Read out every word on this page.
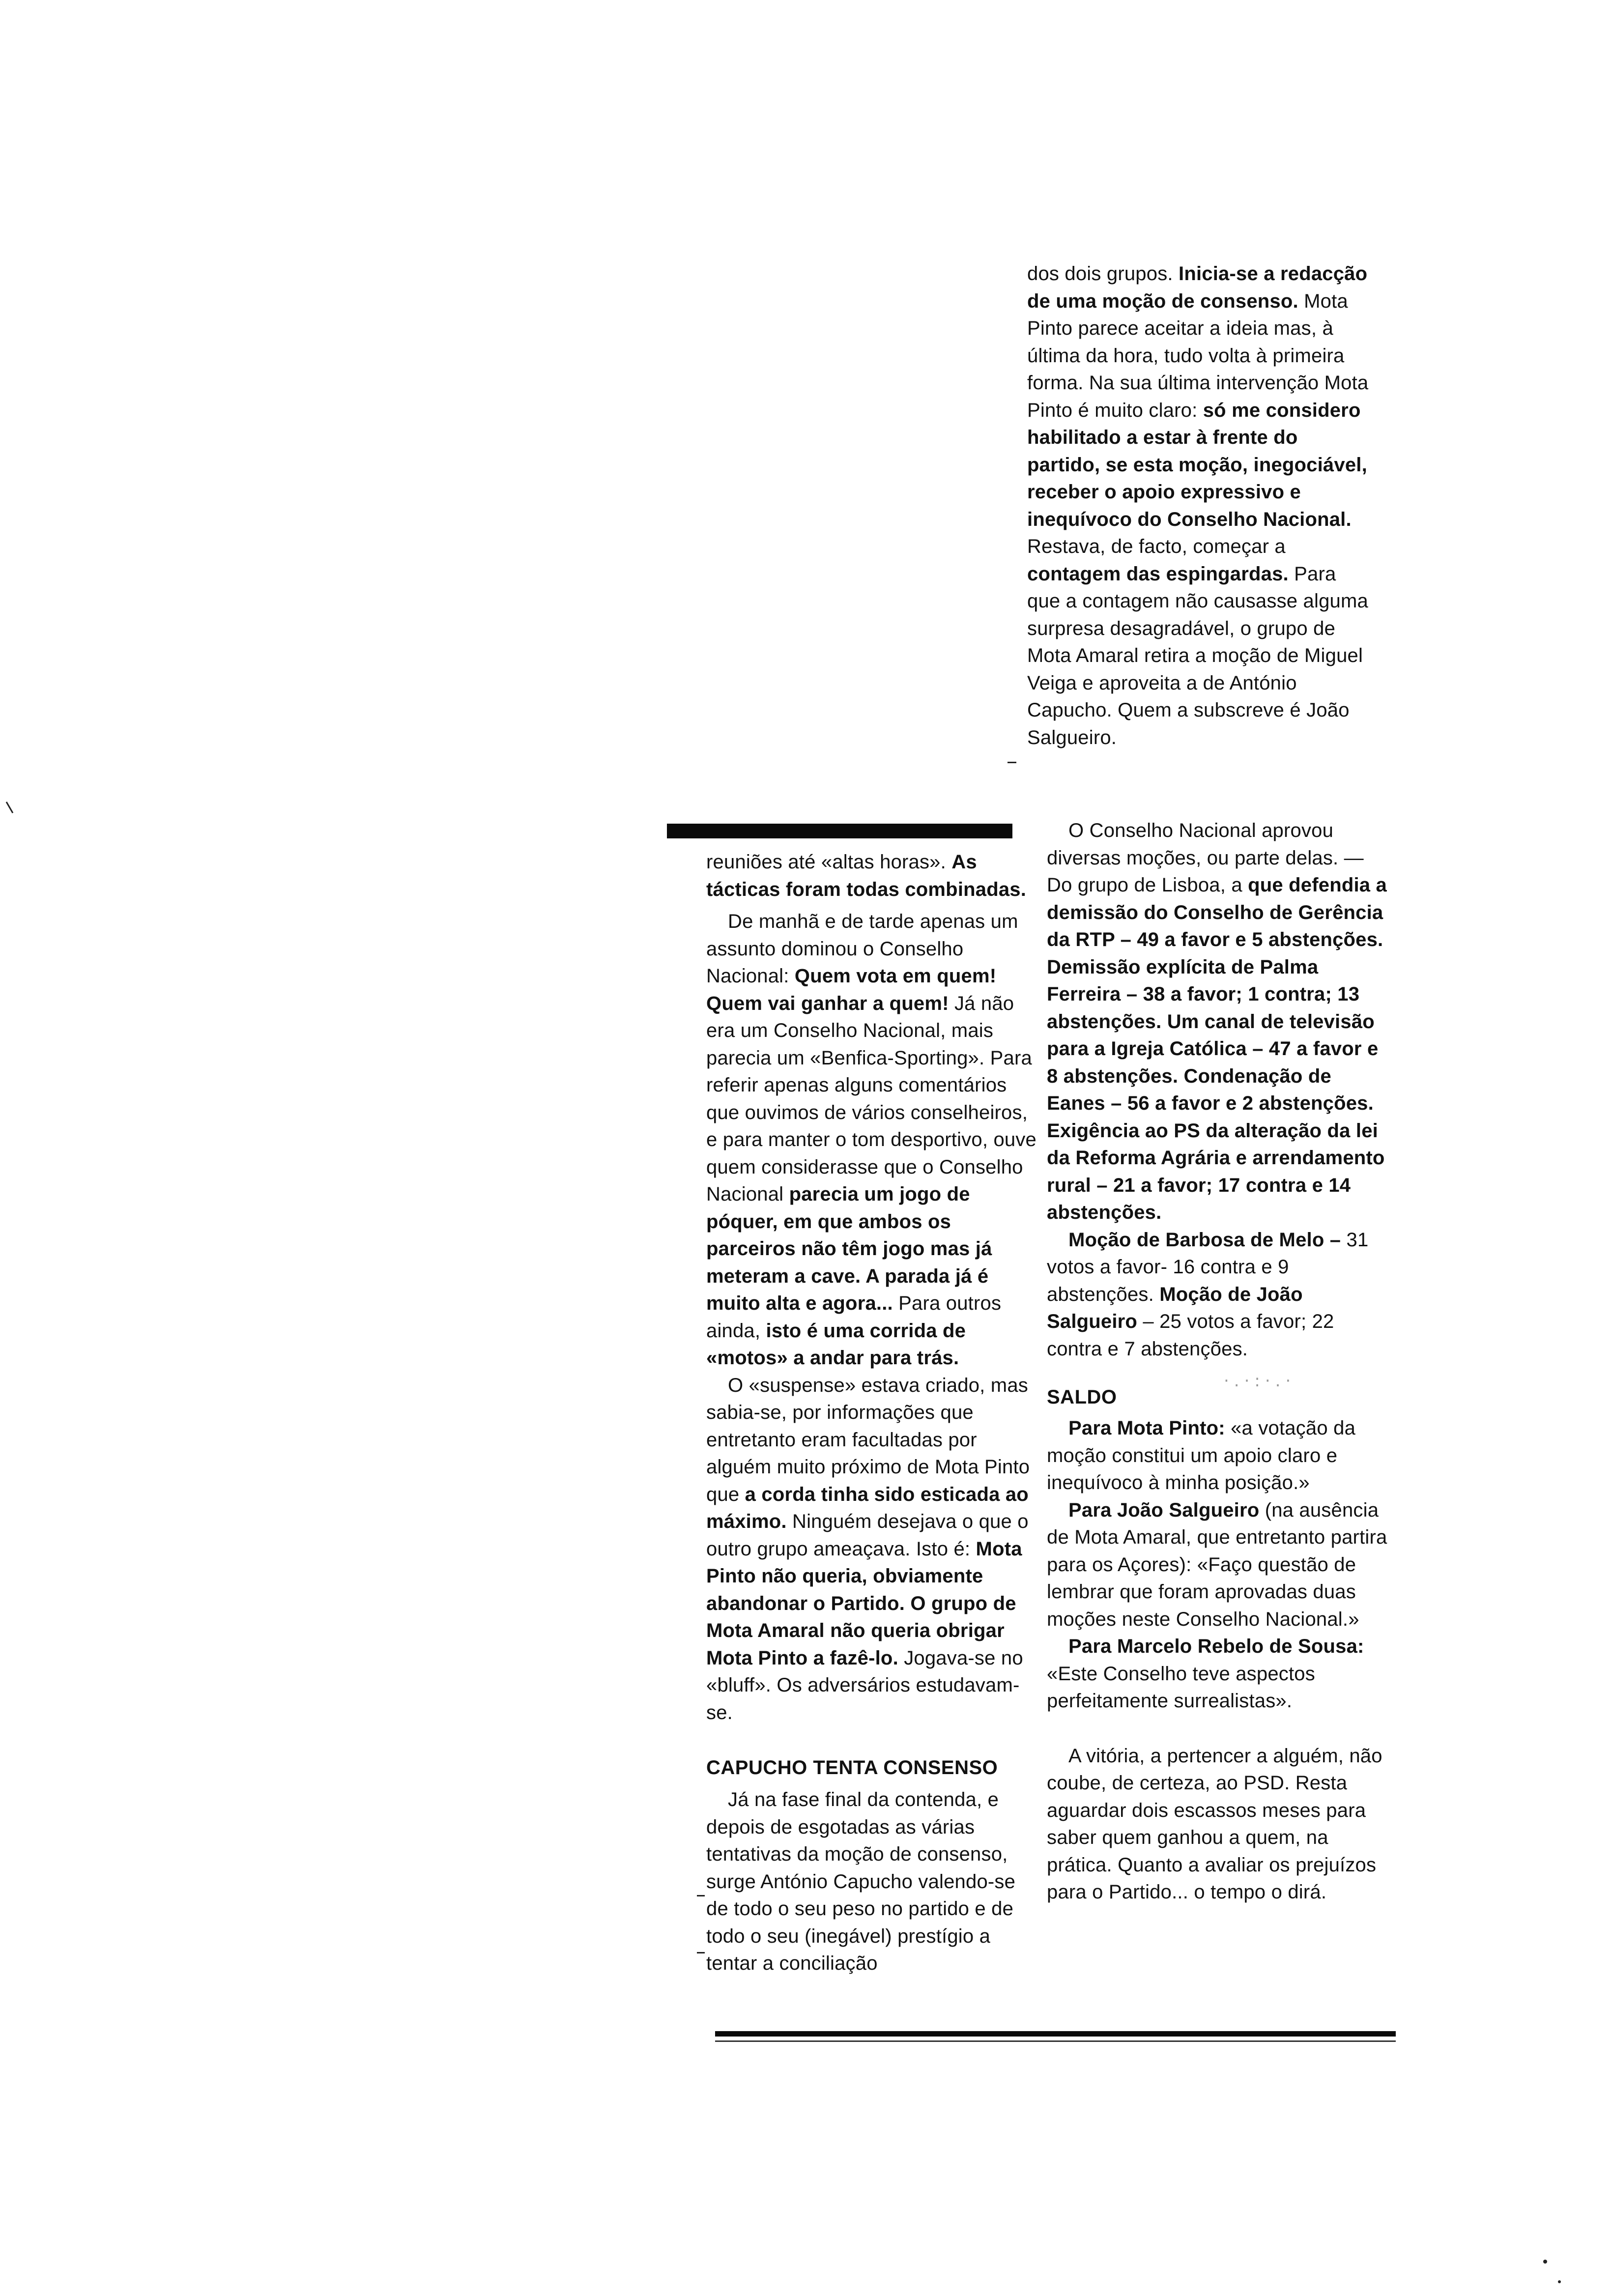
dos dois grupos. Inicia-se a redacção de uma moção de consenso. Mota Pinto parece aceitar a ideia mas, à última da hora, tudo volta à primeira forma. Na sua última intervenção Mota Pinto é muito claro: só me considero habilitado a estar à frente do partido, se esta moção, inegociável, receber o apoio expressivo e inequívoco do Conselho Nacional. Restava, de facto, começar a contagem das espingardas. Para que a contagem não causasse alguma surpresa desagradável, o grupo de Mota Amaral retira a moção de Miguel Veiga e aproveita a de António Capucho. Quem a subscreve é João Salgueiro.

reuniões até «altas horas». As tácticas foram todas combinadas.

De manhã e de tarde apenas um assunto dominou o Conselho Nacional: Quem vota em quem! Quem vai ganhar a quem! Já não era um Conselho Nacional, mais parecia um «Benfica-Sporting». Para referir apenas alguns comentários que ouvimos de vários conselheiros, e para manter o tom desportivo, ouve quem considerasse que o Conselho Nacional parecia um jogo de póquer, em que ambos os parceiros não têm jogo mas já meteram a cave. A parada já é muito alta e agora... Para outros ainda, isto é uma corrida de «motos» a andar para trás.

O «suspense» estava criado, mas sabia-se, por informações que entretanto eram facultadas por alguém muito próximo de Mota Pinto que a corda tinha sido esticada ao máximo. Ninguém desejava o que o outro grupo ameaçava. Isto é: Mota Pinto não queria, obviamente abandonar o Partido. O grupo de Mota Amaral não queria obrigar Mota Pinto a fazê-lo. Jogava-se no «bluff». Os adversários estudavam-se.

CAPUCHO TENTA CONSENSO

Já na fase final da contenda, e depois de esgotadas as várias tentativas da moção de consenso, surge António Capucho valendo-se de todo o seu peso no partido e de todo o seu (inegável) prestígio a tentar a conciliação

O Conselho Nacional aprovou diversas moções, ou parte delas. — Do grupo de Lisboa, a que defendia a demissão do Conselho de Gerência da RTP – 49 a favor e 5 abstenções. Demissão explícita de Palma Ferreira – 38 a favor; 1 contra; 13 abstenções. Um canal de televisão para a Igreja Católica – 47 a favor e 8 abstenções. Condenação de Eanes – 56 a favor e 2 abstenções. Exigência ao PS da alteração da lei da Reforma Agrária e arrendamento rural – 21 a favor; 17 contra e 14 abstenções.

Moção de Barbosa de Melo – 31 votos a favor- 16 contra e 9 abstenções. Moção de João Salgueiro – 25 votos a favor; 22 contra e 7 abstenções.

·.·:·.·
SALDO

Para Mota Pinto: «a votação da moção constitui um apoio claro e inequívoco à minha posição.»

Para João Salgueiro (na ausência de Mota Amaral, que entretanto partira para os Açores): «Faço questão de lembrar que foram aprovadas duas moções neste Conselho Nacional.»

Para Marcelo Rebelo de Sousa: «Este Conselho teve aspectos perfeitamente surrealistas».

A vitória, a pertencer a alguém, não coube, de certeza, ao PSD. Resta aguardar dois escassos meses para saber quem ganhou a quem, na prática. Quanto a avaliar os prejuízos para o Partido... o tempo o dirá.
